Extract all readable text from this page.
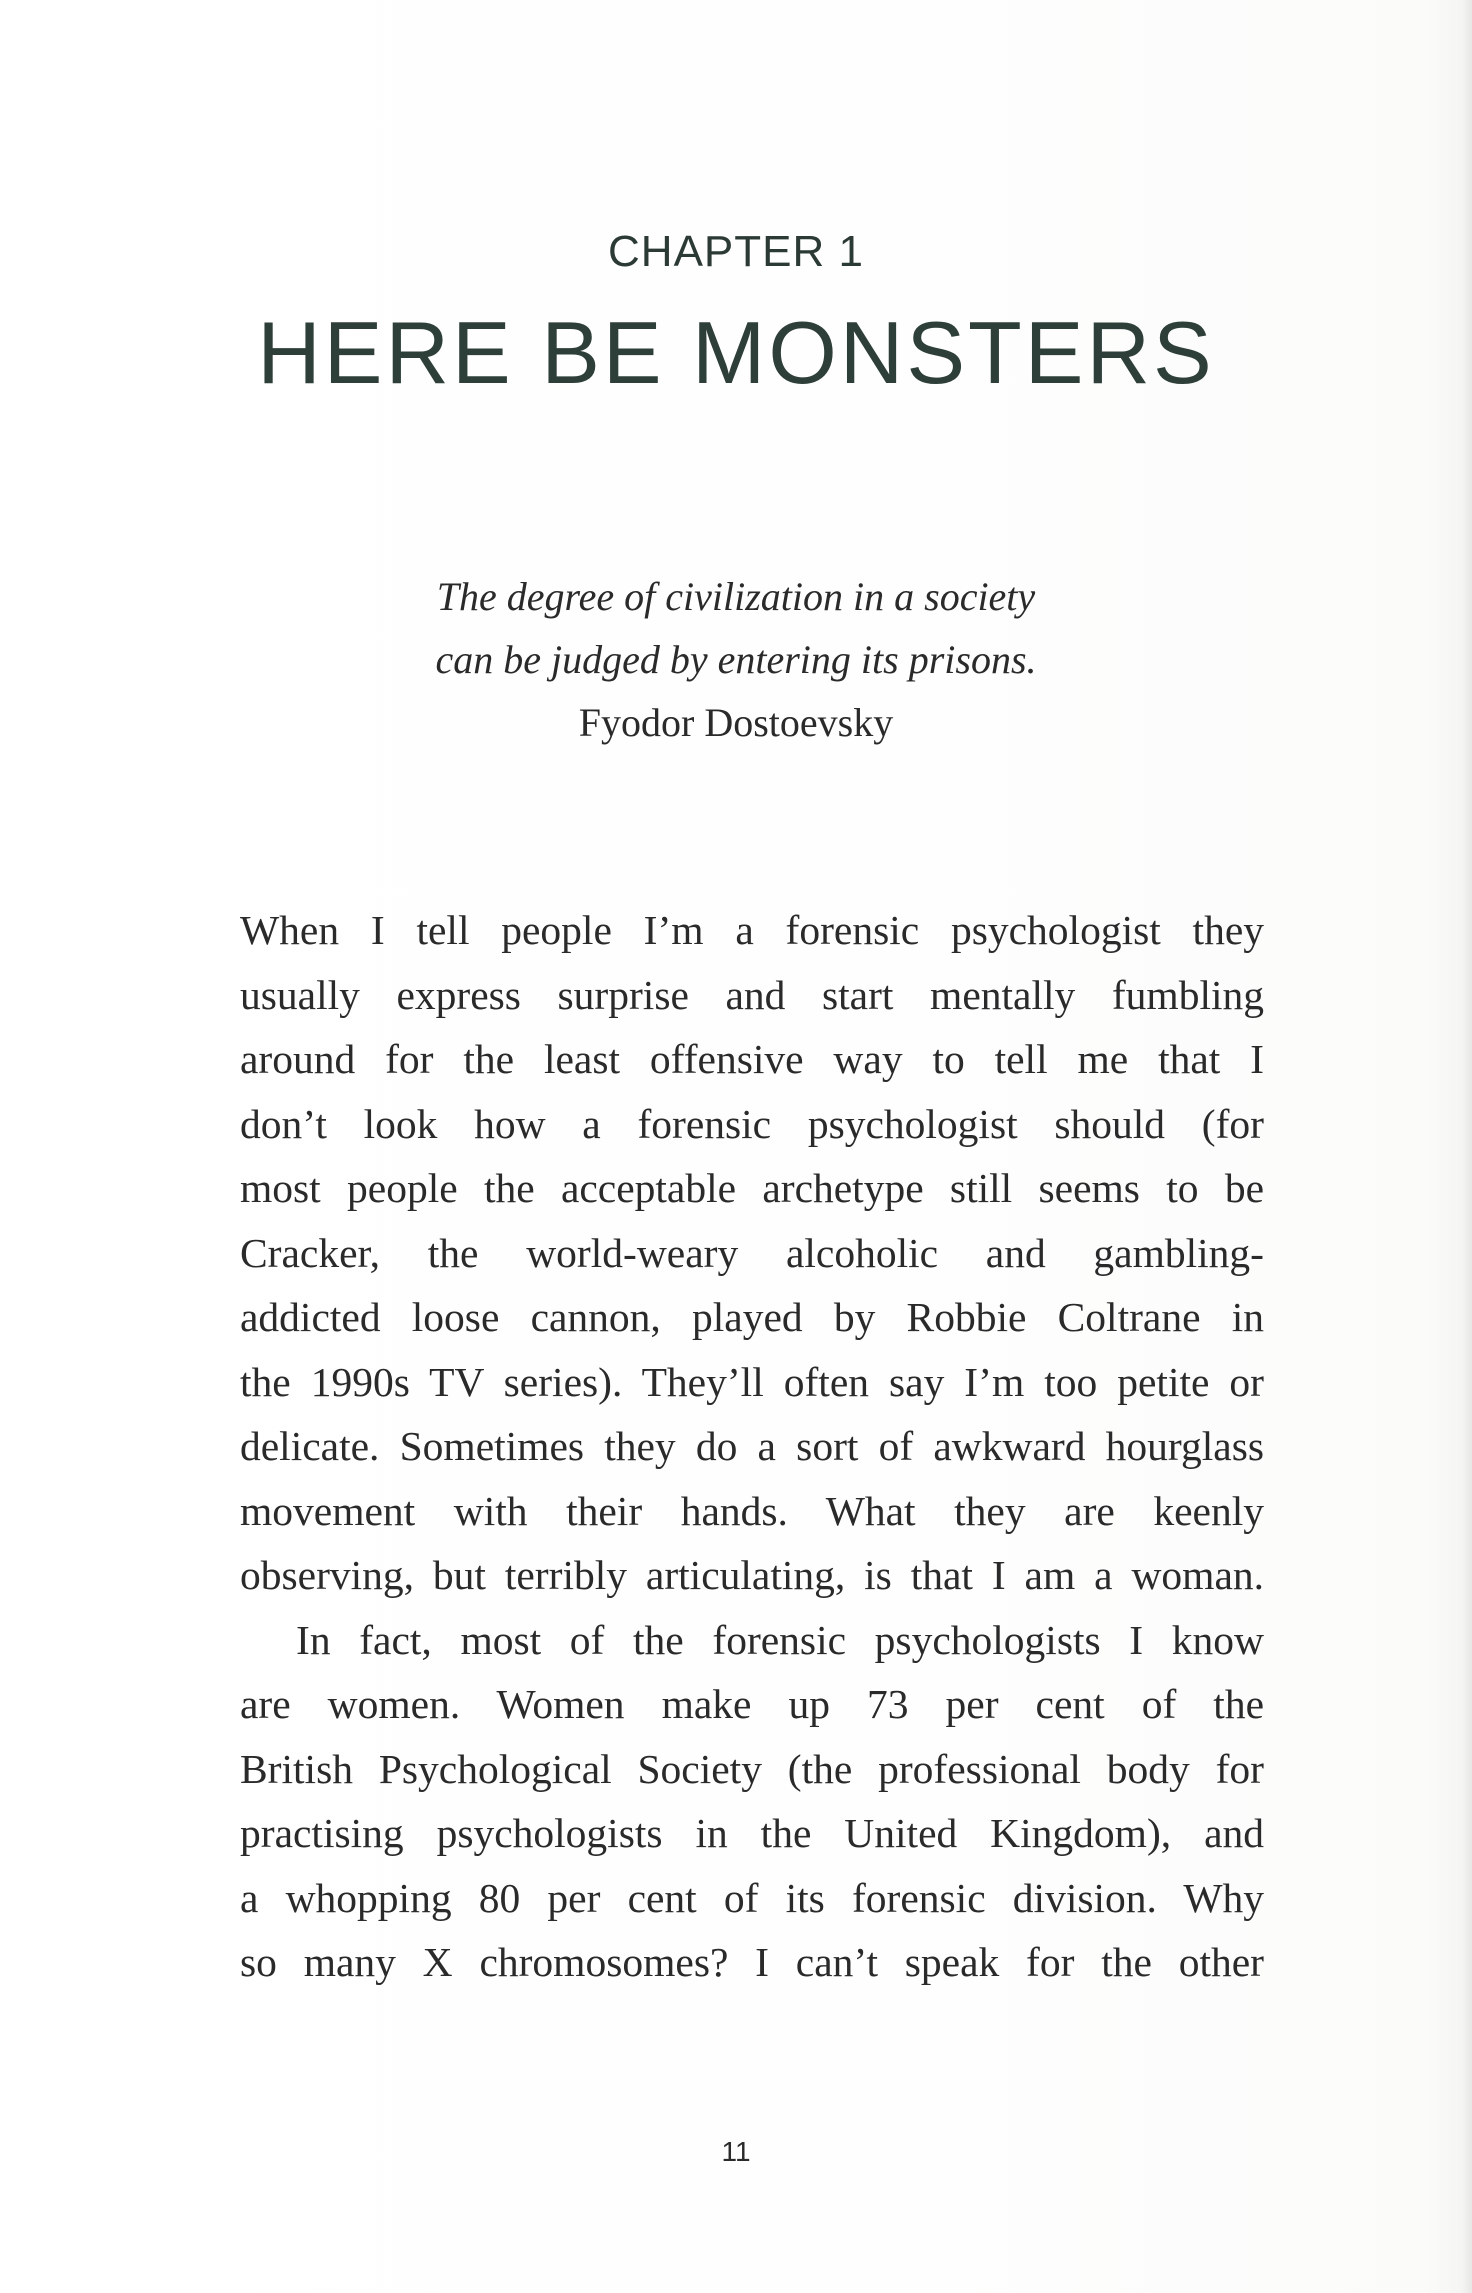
CHAPTER 1
HERE BE MONSTERS
The degree of civilization in a society
can be judged by entering its prisons.
Fyodor Dostoevsky

When I tell people I’m a forensic psychologist they
usually express surprise and start mentally fumbling
around for the least offensive way to tell me that I
don’t look how a forensic psychologist should (for
most people the acceptable archetype still seems to be
Cracker, the world-weary alcoholic and gambling-
addicted loose cannon, played by Robbie Coltrane in
the 1990s TV series). They’ll often say I’m too petite or
delicate. Sometimes they do a sort of awkward hourglass
movement with their hands. What they are keenly
observing, but terribly articulating, is that I am a woman.

In fact, most of the forensic psychologists I know
are women. Women make up 73 per cent of the
British Psychological Society (the professional body for
practising psychologists in the United Kingdom), and
a whopping 80 per cent of its forensic division. Why
so many X chromosomes? I can’t speak for the other

11
